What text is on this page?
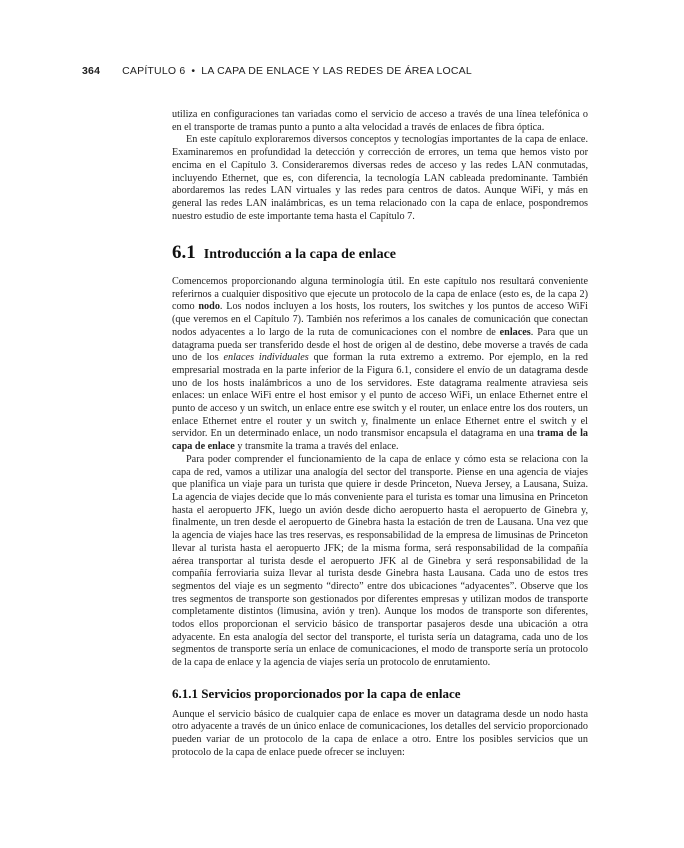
364 CAPÍTULO 6 • LA CAPA DE ENLACE Y LAS REDES DE ÁREA LOCAL

utiliza en configuraciones tan variadas como el servicio de acceso a través de una línea telefónica o en el transporte de tramas punto a punto a alta velocidad a través de enlaces de fibra óptica.

En este capítulo exploraremos diversos conceptos y tecnologías importantes de la capa de enlace. Examinaremos en profundidad la detección y corrección de errores, un tema que hemos visto por encima en el Capítulo 3. Consideraremos diversas redes de acceso y las redes LAN conmutadas, incluyendo Ethernet, que es, con diferencia, la tecnología LAN cableada predominante. También abordaremos las redes LAN virtuales y las redes para centros de datos. Aunque WiFi, y más en general las redes LAN inalámbricas, es un tema relacionado con la capa de enlace, pospondremos nuestro estudio de este importante tema hasta el Capítulo 7.

6.1 Introducción a la capa de enlace

Comencemos proporcionando alguna terminología útil. En este capítulo nos resultará conveniente referirnos a cualquier dispositivo que ejecute un protocolo de la capa de enlace (esto es, de la capa 2) como nodo. Los nodos incluyen a los hosts, los routers, los switches y los puntos de acceso WiFi (que veremos en el Capítulo 7). También nos referimos a los canales de comunicación que conectan nodos adyacentes a lo largo de la ruta de comunicaciones con el nombre de enlaces. Para que un datagrama pueda ser transferido desde el host de origen al de destino, debe moverse a través de cada uno de los enlaces individuales que forman la ruta extremo a extremo. Por ejemplo, en la red empresarial mostrada en la parte inferior de la Figura 6.1, considere el envío de un datagrama desde uno de los hosts inalámbricos a uno de los servidores. Este datagrama realmente atraviesa seis enlaces: un enlace WiFi entre el host emisor y el punto de acceso WiFi, un enlace Ethernet entre el punto de acceso y un switch, un enlace entre ese switch y el router, un enlace entre los dos routers, un enlace Ethernet entre el router y un switch y, finalmente un enlace Ethernet entre el switch y el servidor. En un determinado enlace, un nodo transmisor encapsula el datagrama en una trama de la capa de enlace y transmite la trama a través del enlace.

Para poder comprender el funcionamiento de la capa de enlace y cómo esta se relaciona con la capa de red, vamos a utilizar una analogía del sector del transporte. Piense en una agencia de viajes que planifica un viaje para un turista que quiere ir desde Princeton, Nueva Jersey, a Lausana, Suiza. La agencia de viajes decide que lo más conveniente para el turista es tomar una limusina en Princeton hasta el aeropuerto JFK, luego un avión desde dicho aeropuerto hasta el aeropuerto de Ginebra y, finalmente, un tren desde el aeropuerto de Ginebra hasta la estación de tren de Lausana. Una vez que la agencia de viajes hace las tres reservas, es responsabilidad de la empresa de limusinas de Princeton llevar al turista hasta el aeropuerto JFK; de la misma forma, será responsabilidad de la compañía aérea transportar al turista desde el aeropuerto JFK al de Ginebra y será responsabilidad de la compañía ferroviaria suiza llevar al turista desde Ginebra hasta Lausana. Cada uno de estos tres segmentos del viaje es un segmento “directo” entre dos ubicaciones “adyacentes”. Observe que los tres segmentos de transporte son gestionados por diferentes empresas y utilizan modos de transporte completamente distintos (limusina, avión y tren). Aunque los modos de transporte son diferentes, todos ellos proporcionan el servicio básico de transportar pasajeros desde una ubicación a otra adyacente. En esta analogía del sector del transporte, el turista sería un datagrama, cada uno de los segmentos de transporte sería un enlace de comunicaciones, el modo de transporte sería un protocolo de la capa de enlace y la agencia de viajes sería un protocolo de enrutamiento.

6.1.1 Servicios proporcionados por la capa de enlace

Aunque el servicio básico de cualquier capa de enlace es mover un datagrama desde un nodo hasta otro adyacente a través de un único enlace de comunicaciones, los detalles del servicio proporcionado pueden variar de un protocolo de la capa de enlace a otro. Entre los posibles servicios que un protocolo de la capa de enlace puede ofrecer se incluyen:
